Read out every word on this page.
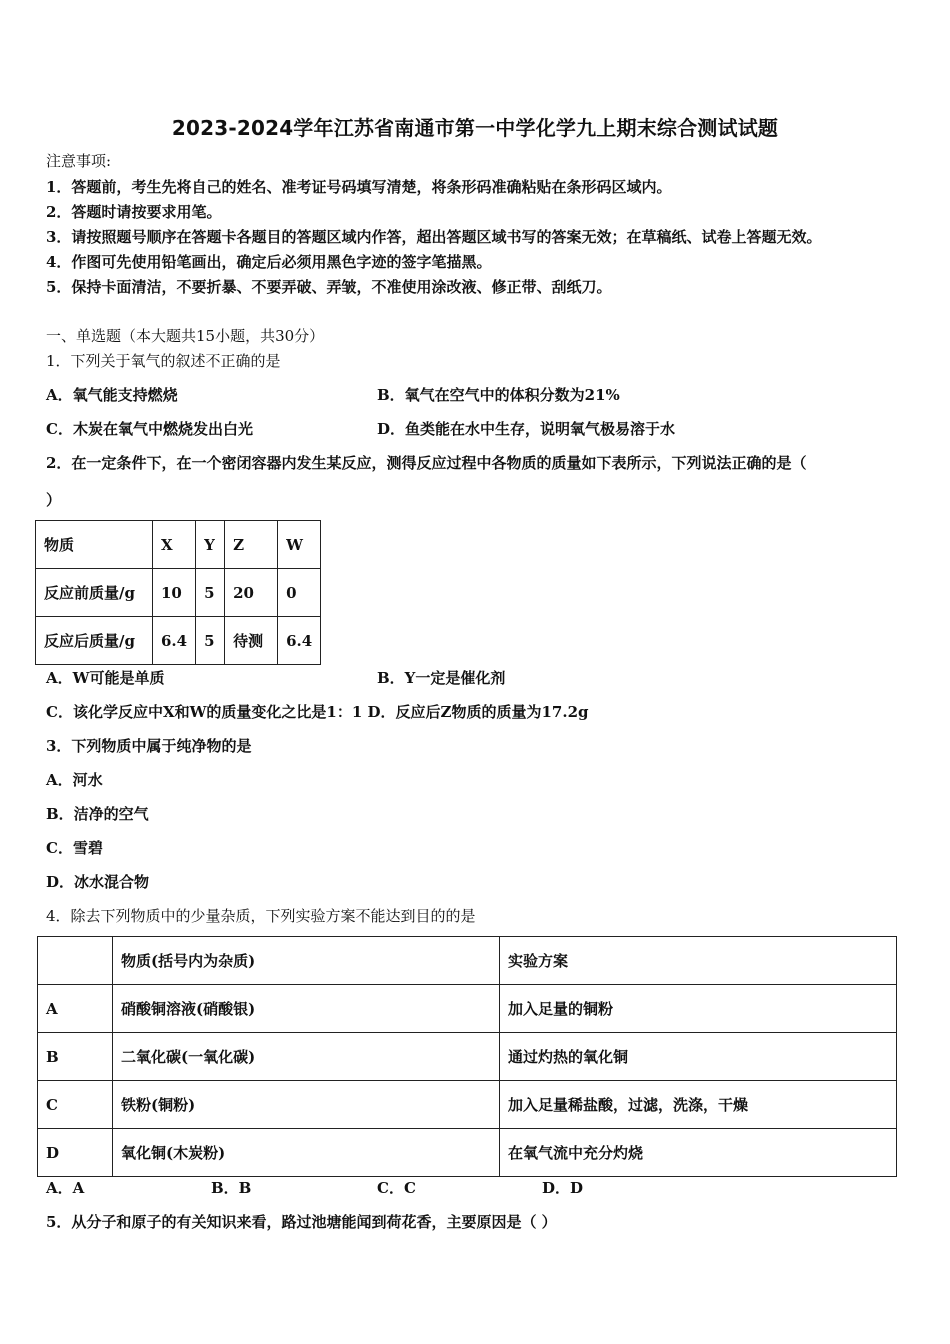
2023-2024学年江苏省南通市第一中学化学九上期末综合测试试题
注意事项:
1．答题前，考生先将自己的姓名、准考证号码填写清楚，将条形码准确粘贴在条形码区域内。
2．答题时请按要求用笔。
3．请按照题号顺序在答题卡各题目的答题区域内作答，超出答题区域书写的答案无效；在草稿纸、试卷上答题无效。
4．作图可先使用铅笔画出，确定后必须用黑色字迹的签字笔描黑。
5．保持卡面清洁，不要折暴、不要弄破、弄皱，不准使用涂改液、修正带、刮纸刀。
一、单选题（本大题共15小题，共30分）
1．下列关于氧气的叙述不正确的是
A．氧气能支持燃烧	B．氧气在空气中的体积分数为21%
C．木炭在氧气中燃烧发出白光	D．鱼类能在水中生存，说明氧气极易溶于水
2．在一定条件下，在一个密闭容器内发生某反应，测得反应过程中各物质的质量如下表所示，下列说法正确的是（
）
物质	X	Y	Z	W
反应前质量/g	10	5	20	0
反应后质量/g	6.4	5	待测	6.4
A．W可能是单质	B．Y一定是催化剂
C．该化学反应中X和W的质量变化之比是1：1 D．反应后Z物质的质量为17.2g
3．下列物质中属于纯净物的是
A．河水
B．洁净的空气
C．雪碧
D．冰水混合物
4．除去下列物质中的少量杂质，下列实验方案不能达到目的的是
	物质(括号内为杂质)	实验方案
A	硝酸铜溶液(硝酸银)	加入足量的铜粉
B	二氧化碳(一氧化碳)	通过灼热的氧化铜
C	铁粉(铜粉)	加入足量稀盐酸，过滤，洗涤，干燥
D	氧化铜(木炭粉)	在氧气流中充分灼烧
A．A	B．B	C．C	D．D
5．从分子和原子的有关知识来看，路过池塘能闻到荷花香，主要原因是（ ）
